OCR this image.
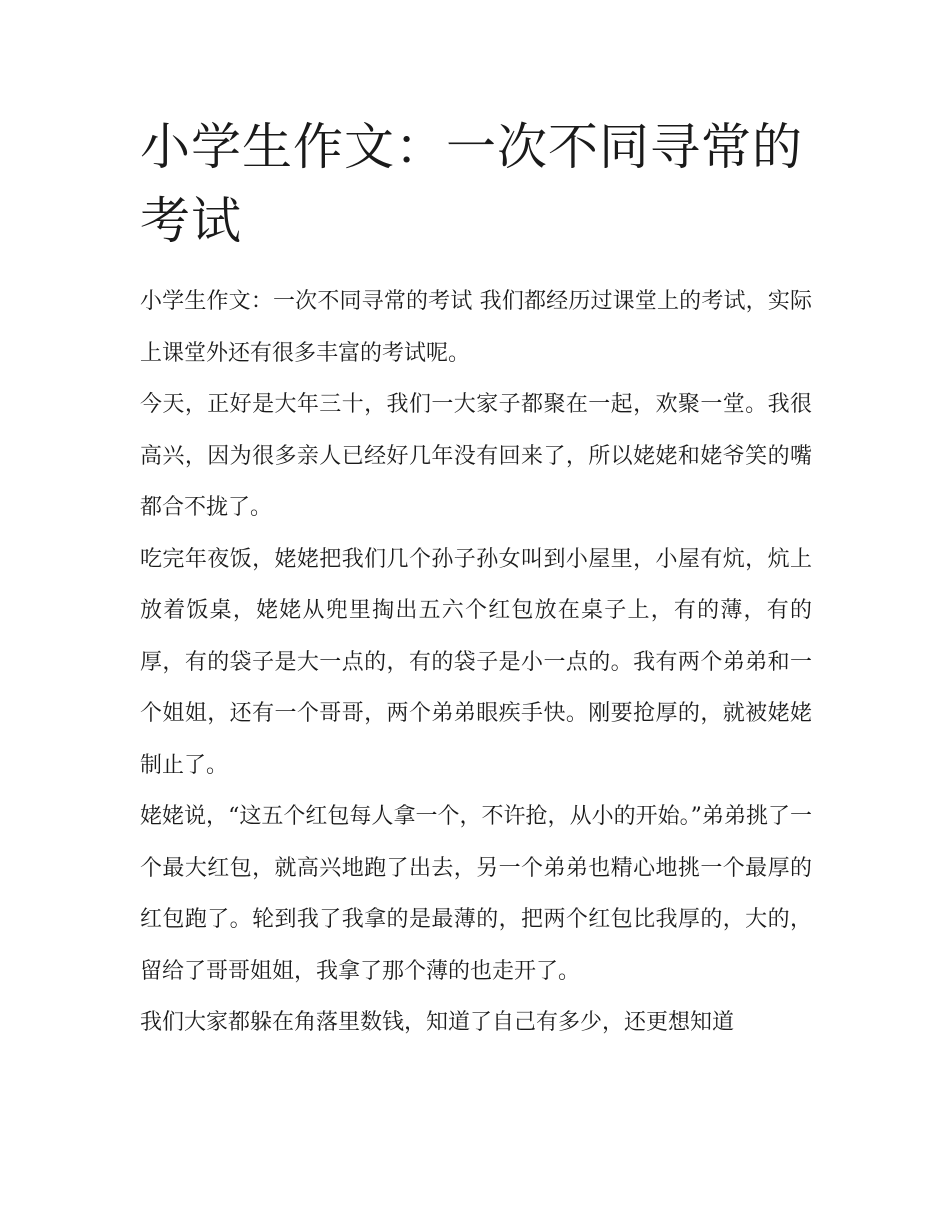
小学生作文：一次不同寻常的考试

小学生作文：一次不同寻常的考试 我们都经历过课堂上的考试，实际上课堂外还有很多丰富的考试呢。

今天，正好是大年三十，我们一大家子都聚在一起，欢聚一堂。我很高兴，因为很多亲人已经好几年没有回来了，所以姥姥和姥爷笑的嘴都合不拢了。

吃完年夜饭，姥姥把我们几个孙子孙女叫到小屋里，小屋有炕，炕上放着饭桌，姥姥从兜里掏出五六个红包放在桌子上，有的薄，有的厚，有的袋子是大一点的，有的袋子是小一点的。我有两个弟弟和一个姐姐，还有一个哥哥，两个弟弟眼疾手快。刚要抢厚的，就被姥姥制止了。

姥姥说，“这五个红包每人拿一个，不许抢，从小的开始。”弟弟挑了一个最大红包，就高兴地跑了出去，另一个弟弟也精心地挑一个最厚的红包跑了。轮到我了我拿的是最薄的，把两个红包比我厚的，大的，留给了哥哥姐姐，我拿了那个薄的也走开了。

我们大家都躲在角落里数钱，知道了自己有多少，还更想知道
